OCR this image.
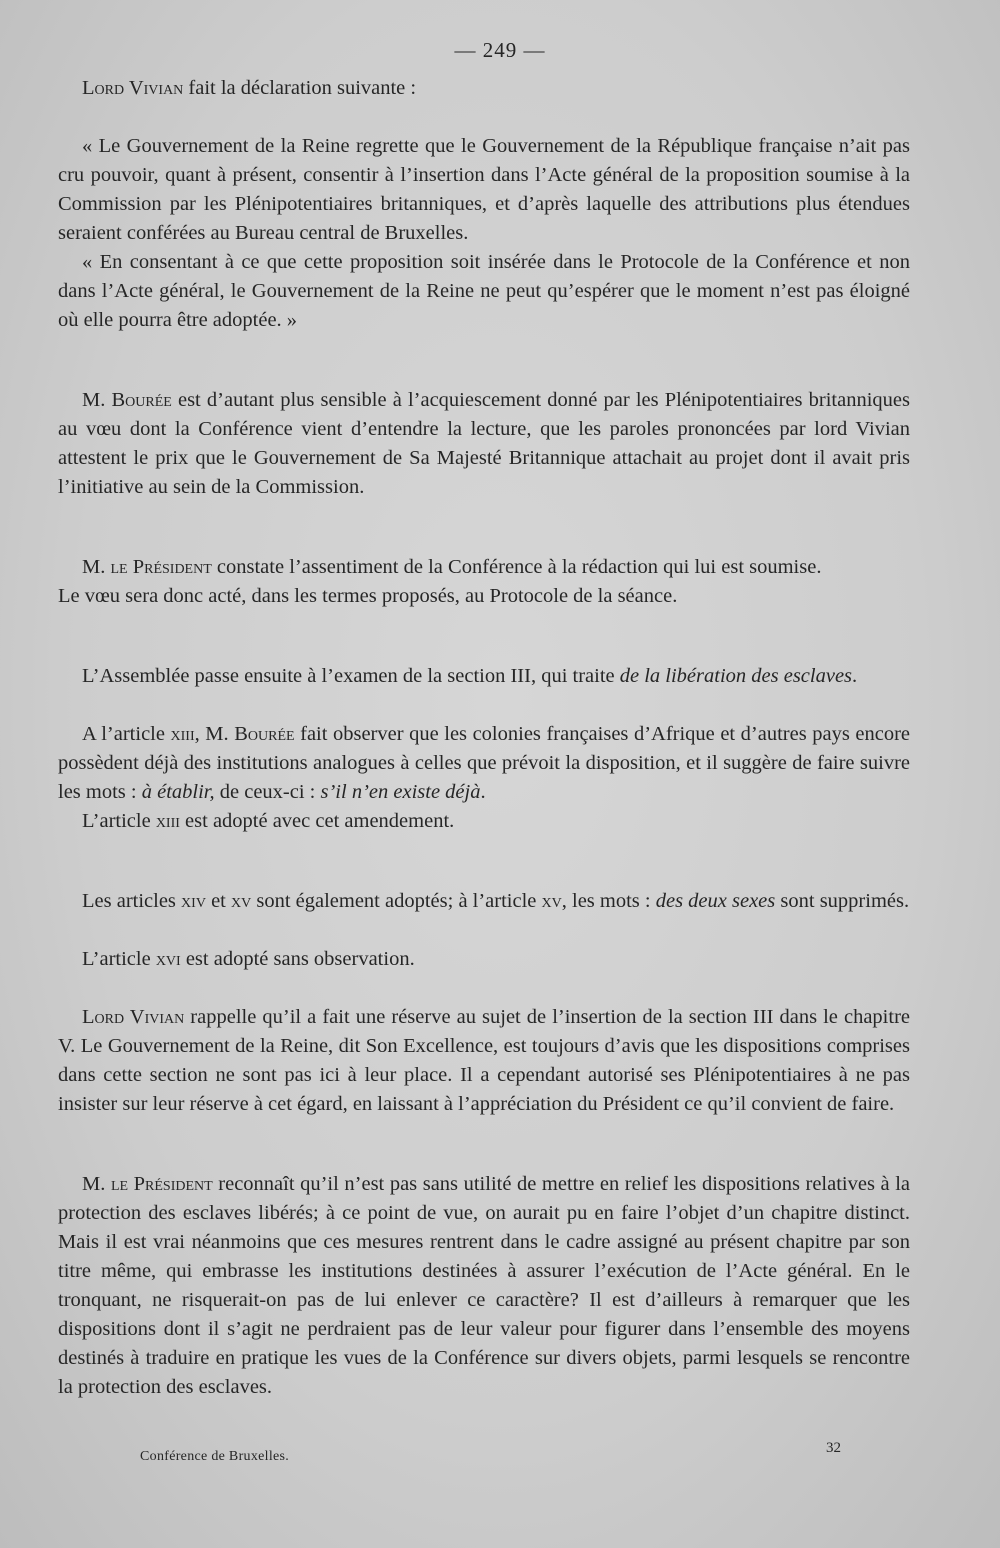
— 249 —

Lord Vivian fait la déclaration suivante :

« Le Gouvernement de la Reine regrette que le Gouvernement de la République française n’ait pas cru pouvoir, quant à présent, consentir à l’insertion dans l’Acte général de la proposition soumise à la Commission par les Plénipotentiaires britanniques, et d’après laquelle des attributions plus étendues seraient conférées au Bureau central de Bruxelles.

« En consentant à ce que cette proposition soit insérée dans le Protocole de la Conférence et non dans l’Acte général, le Gouvernement de la Reine ne peut qu’espérer que le moment n’est pas éloigné où elle pourra être adoptée. »

M. Bourée est d’autant plus sensible à l’acquiescement donné par les Plénipotentiaires britanniques au vœu dont la Conférence vient d’entendre la lecture, que les paroles prononcées par lord Vivian attestent le prix que le Gouvernement de Sa Majesté Britannique attachait au projet dont il avait pris l’initiative au sein de la Commission.

M. le Président constate l’assentiment de la Conférence à la rédaction qui lui est soumise.

Le vœu sera donc acté, dans les termes proposés, au Protocole de la séance.

L’Assemblée passe ensuite à l’examen de la section III, qui traite de la libération des esclaves.

A l’article xiii, M. Bourée fait observer que les colonies françaises d’Afrique et d’autres pays encore possèdent déjà des institutions analogues à celles que prévoit la disposition, et il suggère de faire suivre les mots : à établir, de ceux-ci : s’il n’en existe déjà.

L’article xiii est adopté avec cet amendement.

Les articles xiv et xv sont également adoptés; à l’article xv, les mots : des deux sexes sont supprimés.

L’article xvi est adopté sans observation.

Lord Vivian rappelle qu’il a fait une réserve au sujet de l’insertion de la section III dans le chapitre V. Le Gouvernement de la Reine, dit Son Excellence, est toujours d’avis que les dispositions comprises dans cette section ne sont pas ici à leur place. Il a cependant autorisé ses Plénipotentiaires à ne pas insister sur leur réserve à cet égard, en laissant à l’appréciation du Président ce qu’il convient de faire.

M. le Président reconnaît qu’il n’est pas sans utilité de mettre en relief les dispositions relatives à la protection des esclaves libérés; à ce point de vue, on aurait pu en faire l’objet d’un chapitre distinct. Mais il est vrai néanmoins que ces mesures rentrent dans le cadre assigné au présent chapitre par son titre même, qui embrasse les institutions destinées à assurer l’exécution de l’Acte général. En le tronquant, ne risquerait-on pas de lui enlever ce caractère? Il est d’ailleurs à remarquer que les dispositions dont il s’agit ne perdraient pas de leur valeur pour figurer dans l’ensemble des moyens destinés à traduire en pratique les vues de la Conférence sur divers objets, parmi lesquels se rencontre la protection des esclaves.

Conférence de Bruxelles.
32
